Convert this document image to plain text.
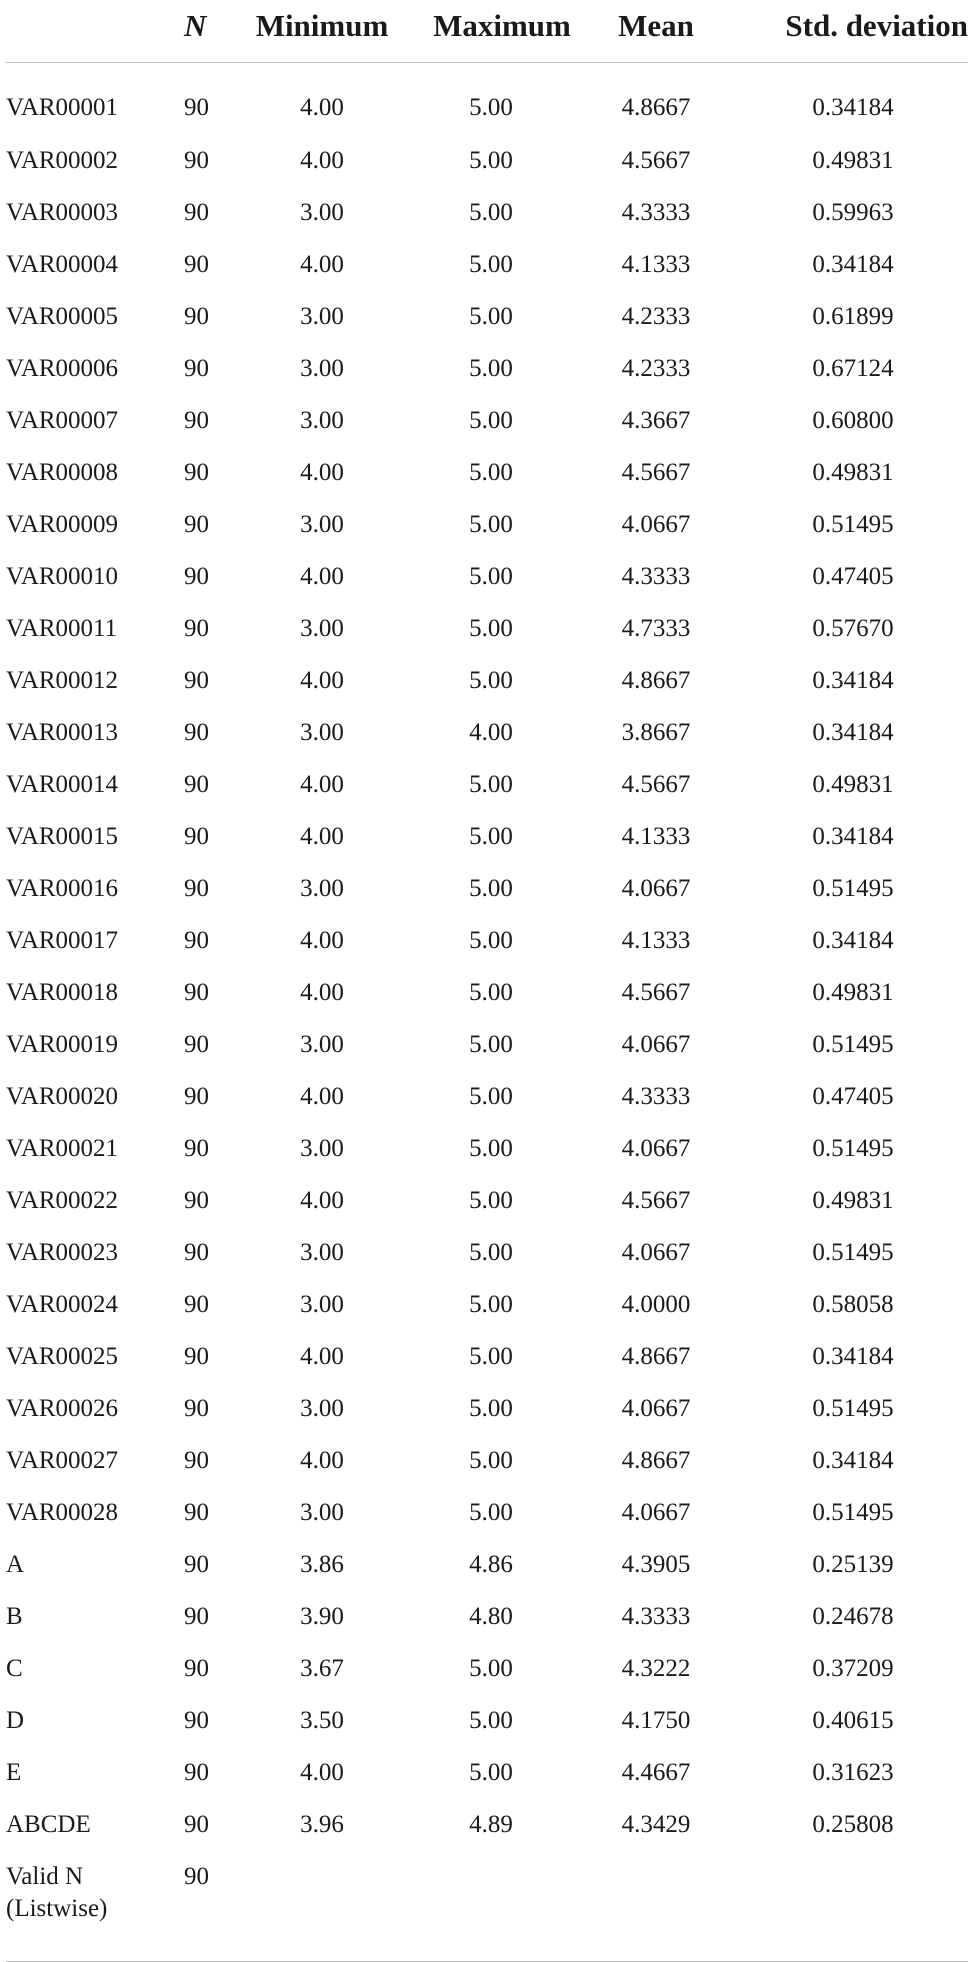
	N	Minimum	Maximum	Mean	Std. deviation
VAR00001	90	4.00	5.00	4.8667	0.34184
VAR00002	90	4.00	5.00	4.5667	0.49831
VAR00003	90	3.00	5.00	4.3333	0.59963
VAR00004	90	4.00	5.00	4.1333	0.34184
VAR00005	90	3.00	5.00	4.2333	0.61899
VAR00006	90	3.00	5.00	4.2333	0.67124
VAR00007	90	3.00	5.00	4.3667	0.60800
VAR00008	90	4.00	5.00	4.5667	0.49831
VAR00009	90	3.00	5.00	4.0667	0.51495
VAR00010	90	4.00	5.00	4.3333	0.47405
VAR00011	90	3.00	5.00	4.7333	0.57670
VAR00012	90	4.00	5.00	4.8667	0.34184
VAR00013	90	3.00	4.00	3.8667	0.34184
VAR00014	90	4.00	5.00	4.5667	0.49831
VAR00015	90	4.00	5.00	4.1333	0.34184
VAR00016	90	3.00	5.00	4.0667	0.51495
VAR00017	90	4.00	5.00	4.1333	0.34184
VAR00018	90	4.00	5.00	4.5667	0.49831
VAR00019	90	3.00	5.00	4.0667	0.51495
VAR00020	90	4.00	5.00	4.3333	0.47405
VAR00021	90	3.00	5.00	4.0667	0.51495
VAR00022	90	4.00	5.00	4.5667	0.49831
VAR00023	90	3.00	5.00	4.0667	0.51495
VAR00024	90	3.00	5.00	4.0000	0.58058
VAR00025	90	4.00	5.00	4.8667	0.34184
VAR00026	90	3.00	5.00	4.0667	0.51495
VAR00027	90	4.00	5.00	4.8667	0.34184
VAR00028	90	3.00	5.00	4.0667	0.51495
A	90	3.86	4.86	4.3905	0.25139
B	90	3.90	4.80	4.3333	0.24678
C	90	3.67	5.00	4.3222	0.37209
D	90	3.50	5.00	4.1750	0.40615
E	90	4.00	5.00	4.4667	0.31623
ABCDE	90	3.96	4.89	4.3429	0.25808
Valid N
(Listwise)	90				
